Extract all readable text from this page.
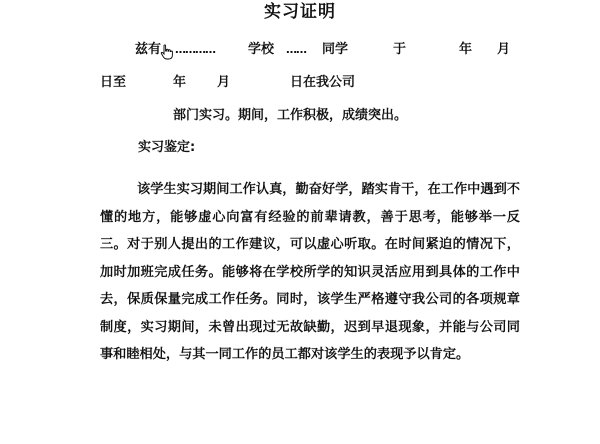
实习证明
兹有 …………	学校 …… 同学	于	年 月
日至	年 月	日在我公司
部门实习。期间，工作积极，成绩突出。
实习鉴定:
该学生实习期间工作认真，勤奋好学，踏实肯干，在工作中遇到不懂的地方，能够虚心向富有经验的前辈请教，善于思考，能够举一反三。对于别人提出的工作建议，可以虚心听取。在时间紧迫的情况下，加时加班完成任务。能够将在学校所学的知识灵活应用到具体的工作中去，保质保量完成工作任务。同时，该学生严格遵守我公司的各项规章制度，实习期间，未曾出现过无故缺勤，迟到早退现象，并能与公司同事和睦相处，与其一同工作的员工都对该学生的表现予以肯定。
